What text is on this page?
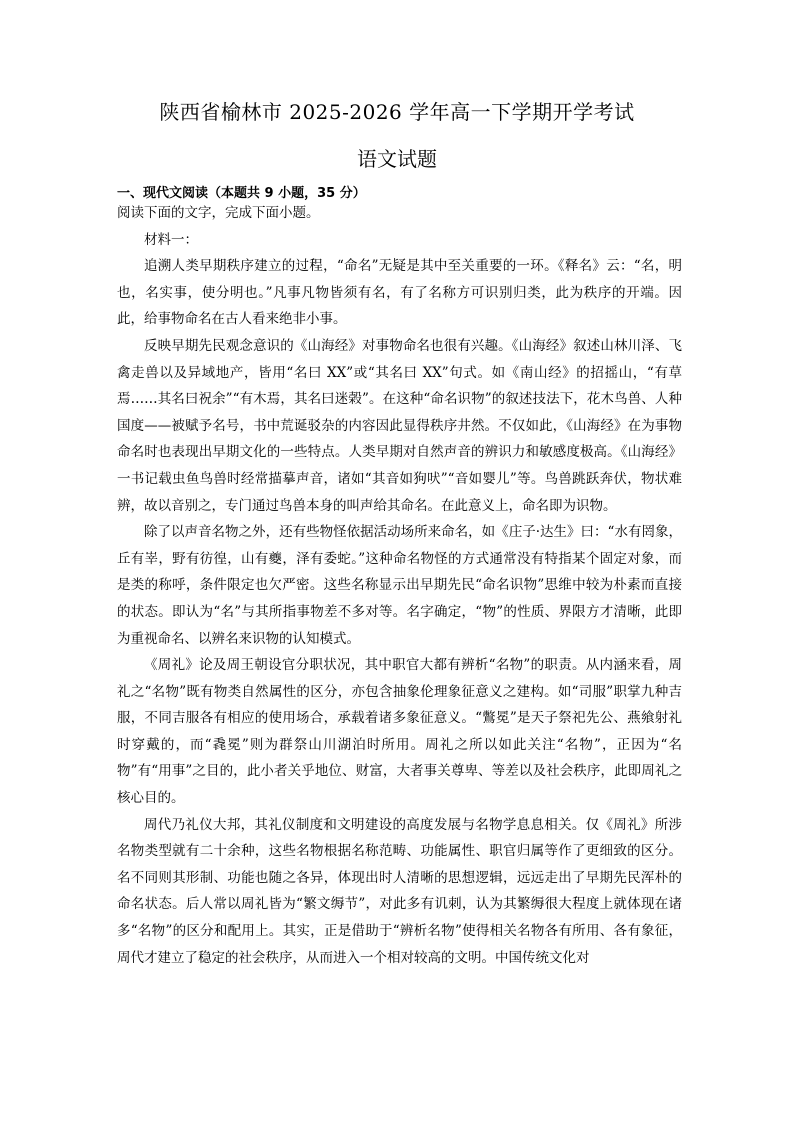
陕西省榆林市 2025-2026 学年高一下学期开学考试
语文试题
一、现代文阅读（本题共 9 小题，35 分）

阅读下面的文字，完成下面小题。

材料一：

追溯人类早期秩序建立的过程，“命名”无疑是其中至关重要的一环。《释名》云：“名，明也，名实事，使分明也。”凡事凡物皆须有名，有了名称方可识别归类，此为秩序的开端。因此，给事物命名在古人看来绝非小事。

反映早期先民观念意识的《山海经》对事物命名也很有兴趣。《山海经》叙述山林川泽、飞禽走兽以及异域地产，皆用“名曰 XX”或“其名曰 XX”句式。如《南山经》的招摇山，“有草焉……其名曰祝余”“有木焉，其名曰迷榖”。在这种“命名识物”的叙述技法下，花木鸟兽、人种国度——被赋予名号，书中荒诞驳杂的内容因此显得秩序井然。不仅如此，《山海经》在为事物命名时也表现出早期文化的一些特点。人类早期对自然声音的辨识力和敏感度极高。《山海经》一书记载虫鱼鸟兽时经常描摹声音，诸如“其音如狗吠”“音如婴儿”等。鸟兽跳跃奔伏，物状难辨，故以音别之，专门通过鸟兽本身的叫声给其命名。在此意义上，命名即为识物。

除了以声音名物之外，还有些物怪依据活动场所来命名，如《庄子·达生》曰：“水有罔象，丘有峷，野有彷徨，山有夔，泽有委蛇。”这种命名物怪的方式通常没有特指某个固定对象，而是类的称呼，条件限定也欠严密。这些名称显示出早期先民“命名识物”思维中较为朴素而直接的状态。即认为“名”与其所指事物差不多对等。名字确定，“物”的性质、界限方才清晰，此即为重视命名、以辨名来识物的认知模式。

《周礼》论及周王朝设官分职状况，其中职官大都有辨析“名物”的职责。从内涵来看，周礼之“名物”既有物类自然属性的区分，亦包含抽象伦理象征意义之建构。如“司服”职掌九种吉服，不同吉服各有相应的使用场合，承载着诸多象征意义。“鷩冕”是天子祭祀先公、燕飨射礼时穿戴的，而“毳冕”则为群祭山川湖泊时所用。周礼之所以如此关注“名物”，正因为“名物”有“用事”之目的，此小者关乎地位、财富，大者事关尊卑、等差以及社会秩序，此即周礼之核心目的。

周代乃礼仪大邦，其礼仪制度和文明建设的高度发展与名物学息息相关。仅《周礼》所涉名物类型就有二十余种，这些名物根据名称范畴、功能属性、职官归属等作了更细致的区分。名不同则其形制、功能也随之各异，体现出时人清晰的思想逻辑，远远走出了早期先民浑朴的命名状态。后人常以周礼皆为“繁文缛节”，对此多有讥刺，认为其繁缛很大程度上就体现在诸多“名物”的区分和配用上。其实，正是借助于“辨析名物”使得相关名物各有所用、各有象征，周代才建立了稳定的社会秩序，从而进入一个相对较高的文明。中国传统文化对
